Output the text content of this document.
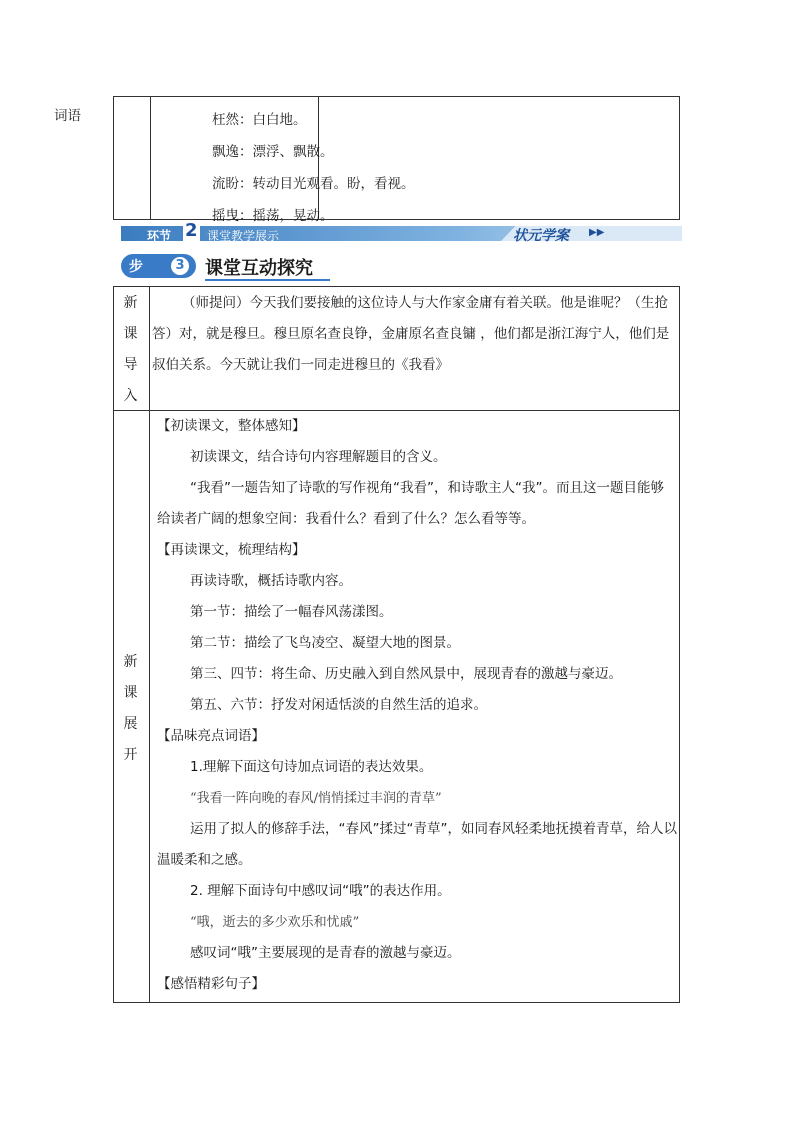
词语	枉然：白白地。
飘逸：漂浮、飘散。
流盼：转动目光观看。盼，看视。
摇曳：摇荡，晃动。
环节 2 课堂教学展示	状元学案 ▶▶
步骤
3 课堂互动探究
新
课
导
入

（师提问）今天我们要接触的这位诗人与大作家金庸有着关联。他是谁呢？（生抢答）对，就是穆旦。穆旦原名查良铮，金庸原名查良镛 ，他们都是浙江海宁人，他们是叔伯关系。今天就让我们一同走进穆旦的《我看》

新
课
展
开

【初读课文，整体感知】

初读课文，结合诗句内容理解题目的含义。

“我看”一题告知了诗歌的写作视角“我看”，和诗歌主人“我”。而且这一题目能够给读者广阔的想象空间：我看什么？看到了什么？怎么看等等。

【再读课文，梳理结构】

再读诗歌，概括诗歌内容。

第一节：描绘了一幅春风荡漾图。

第二节：描绘了飞鸟凌空、凝望大地的图景。

第三、四节：将生命、历史融入到自然风景中，展现青春的激越与豪迈。

第五、六节：抒发对闲适恬淡的自然生活的追求。

【品味亮点词语】

1.理解下面这句诗加点词语的表达效果。

“我看一阵向晚的春风/悄悄揉过丰润的青草”

运用了拟人的修辞手法，“春风”揉过“青草”，如同春风轻柔地抚摸着青草，给人以温暖柔和之感。

2. 理解下面诗句中感叹词“哦”的表达作用。

“哦，逝去的多少欢乐和忧戚”

感叹词“哦”主要展现的是青春的激越与豪迈。

【感悟精彩句子】
